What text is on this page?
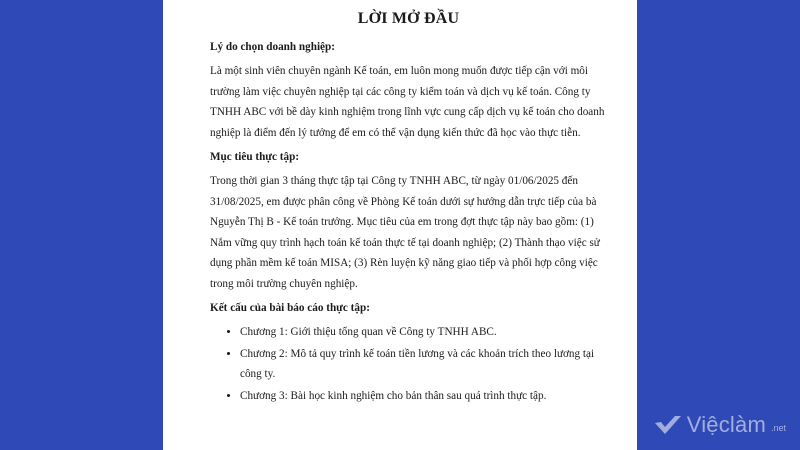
LỜI MỞ ĐẦU
Lý do chọn doanh nghiệp:
Là một sinh viên chuyên ngành Kế toán, em luôn mong muốn được tiếp cận với môi trường làm việc chuyên nghiệp tại các công ty kiểm toán và dịch vụ kế toán. Công ty TNHH ABC với bề dày kinh nghiệm trong lĩnh vực cung cấp dịch vụ kế toán cho doanh nghiệp là điểm đến lý tưởng để em có thể vận dụng kiến thức đã học vào thực tiễn.
Mục tiêu thực tập:
Trong thời gian 3 tháng thực tập tại Công ty TNHH ABC, từ ngày 01/06/2025 đến 31/08/2025, em được phân công về Phòng Kế toán dưới sự hướng dẫn trực tiếp của bà Nguyễn Thị B - Kế toán trưởng. Mục tiêu của em trong đợt thực tập này bao gồm: (1) Nắm vững quy trình hạch toán kế toán thực tế tại doanh nghiệp; (2) Thành thạo việc sử dụng phần mềm kế toán MISA; (3) Rèn luyện kỹ năng giao tiếp và phối hợp công việc trong môi trường chuyên nghiệp.
Kết cấu của bài báo cáo thực tập:
• Chương 1: Giới thiệu tổng quan về Công ty TNHH ABC.
• Chương 2: Mô tả quy trình kế toán tiền lương và các khoản trích theo lương tại công ty.
• Chương 3: Bài học kinh nghiệm cho bản thân sau quá trình thực tập.
Việclàm .net
